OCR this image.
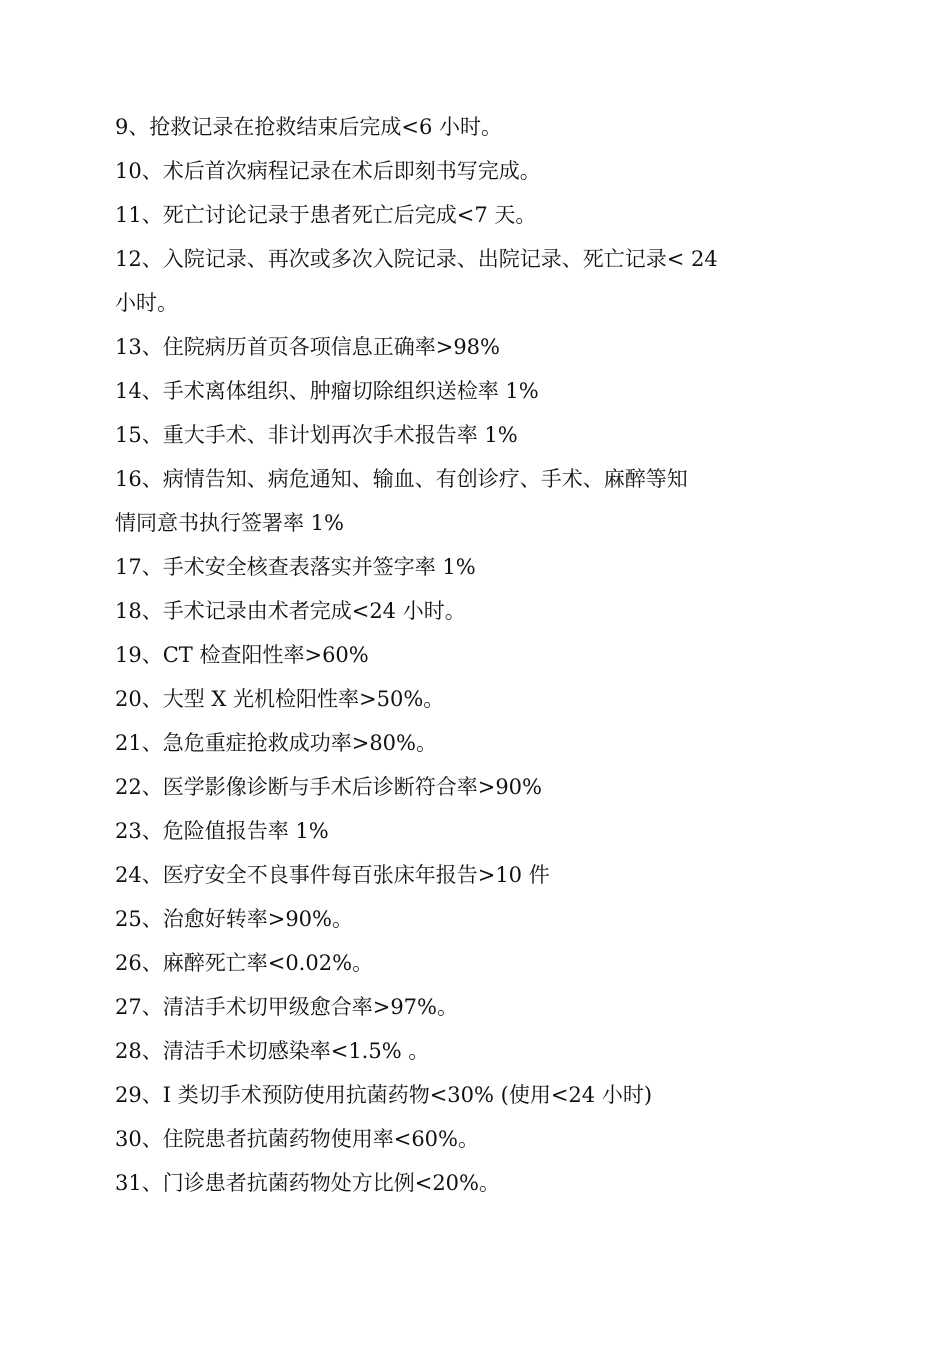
9、抢救记录在抢救结束后完成<6 小时。

10、术后首次病程记录在术后即刻书写完成。

11、死亡讨论记录于患者死亡后完成<7 天。

12、入院记录、再次或多次入院记录、出院记录、死亡记录< 24

小时。

13、住院病历首页各项信息正确率>98%

14、手术离体组织、肿瘤切除组织送检率 1%

15、重大手术、非计划再次手术报告率 1%

16、病情告知、病危通知、输血、有创诊疗、手术、麻醉等知

情同意书执行签署率 1%

17、手术安全核查表落实并签字率 1%

18、手术记录由术者完成<24 小时。

19、CT 检查阳性率>60%

20、大型 X 光机检阳性率>50%。

21、急危重症抢救成功率>80%。

22、医学影像诊断与手术后诊断符合率>90%

23、危险值报告率 1%

24、医疗安全不良事件每百张床年报告>10 件

25、治愈好转率>90%。

26、麻醉死亡率<0.02%。

27、清洁手术切甲级愈合率>97%。

28、清洁手术切感染率<1.5% 。

29、I 类切手术预防使用抗菌药物<30% (使用<24 小时)

30、住院患者抗菌药物使用率<60%。

31、门诊患者抗菌药物处方比例<20%。
